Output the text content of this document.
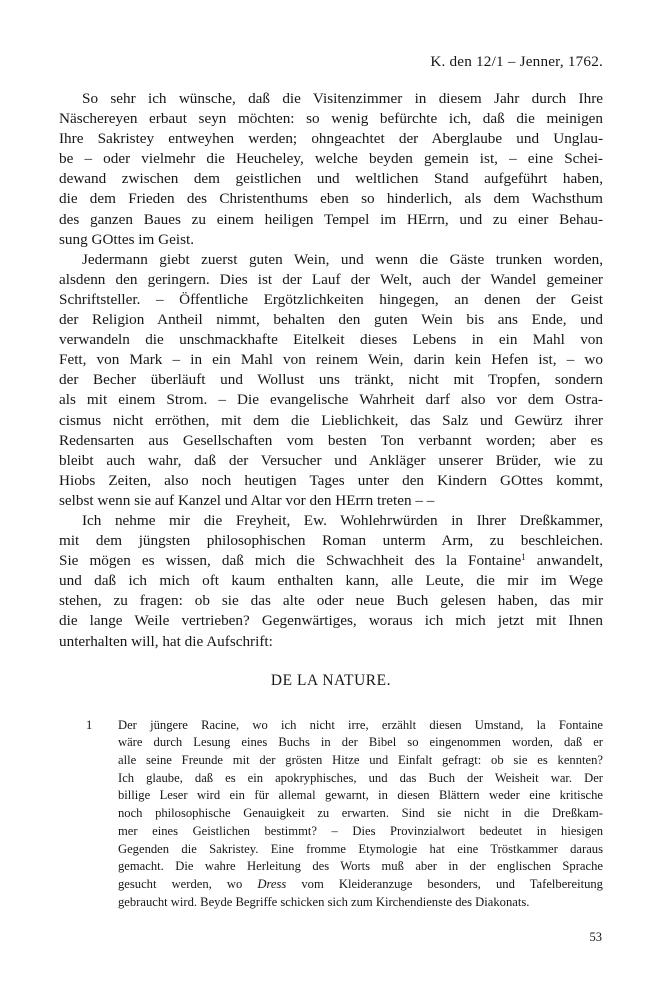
K. den 12/1 – Jenner, 1762.
So sehr ich wünsche, daß die Visitenzimmer in diesem Jahr durch Ihre
Näschereyen erbaut seyn möchten: so wenig befürchte ich, daß die meinigen
Ihre Sakristey entweyhen werden; ohngeachtet der Aberglaube und Unglau-
be – oder vielmehr die Heucheley, welche beyden gemein ist, – eine Schei-
dewand zwischen dem geistlichen und weltlichen Stand aufgeführt haben,
die dem Frieden des Christenthums eben so hinderlich, als dem Wachsthum
des ganzen Baues zu einem heiligen Tempel im HErrn, und zu einer Behau-
sung GOttes im Geist.
Jedermann giebt zuerst guten Wein, und wenn die Gäste trunken worden,
alsdenn den geringern. Dies ist der Lauf der Welt, auch der Wandel gemeiner
Schriftsteller. – Öffentliche Ergötzlichkeiten hingegen, an denen der Geist
der Religion Antheil nimmt, behalten den guten Wein bis ans Ende, und
verwandeln die unschmackhafte Eitelkeit dieses Lebens in ein Mahl von
Fett, von Mark – in ein Mahl von reinem Wein, darin kein Hefen ist, – wo
der Becher überläuft und Wollust uns tränkt, nicht mit Tropfen, sondern
als mit einem Strom. – Die evangelische Wahrheit darf also vor dem Ostra-
cismus nicht erröthen, mit dem die Lieblichkeit, das Salz und Gewürz ihrer
Redensarten aus Gesellschaften vom besten Ton verbannt worden; aber es
bleibt auch wahr, daß der Versucher und Ankläger unserer Brüder, wie zu
Hiobs Zeiten, also noch heutigen Tages unter den Kindern GOttes kommt,
selbst wenn sie auf Kanzel und Altar vor den HErrn treten – –
Ich nehme mir die Freyheit, Ew. Wohlehrwürden in Ihrer Dreßkammer,
mit dem jüngsten philosophischen Roman unterm Arm, zu beschleichen.
Sie mögen es wissen, daß mich die Schwachheit des la Fontaine$^1$ anwandelt,
und daß ich mich oft kaum enthalten kann, alle Leute, die mir im Wege
stehen, zu fragen: ob sie das alte oder neue Buch gelesen haben, das mir
die lange Weile vertrieben? Gegenwärtiges, woraus ich mich jetzt mit Ihnen
unterhalten will, hat die Aufschrift:
DE LA NATURE.
1 Der jüngere Racine, wo ich nicht irre, erzählt diesen Umstand, la Fontaine
wäre durch Lesung eines Buchs in der Bibel so eingenommen worden, daß er
alle seine Freunde mit der grösten Hitze und Einfalt gefragt: ob sie es kennten?
Ich glaube, daß es ein apokryphisches, und das Buch der Weisheit war. Der
billige Leser wird ein für allemal gewarnt, in diesen Blättern weder eine kritische
noch philosophische Genauigkeit zu erwarten. Sind sie nicht in die Dreßkam-
mer eines Geistlichen bestimmt? – Dies Provinzialwort bedeutet in hiesigen
Gegenden die Sakristey. Eine fromme Etymologie hat eine Tröstkammer daraus
gemacht. Die wahre Herleitung des Worts muß aber in der englischen Sprache
gesucht werden, wo Dress vom Kleideranzuge besonders, und Tafelbereitung
gebraucht wird. Beyde Begriffe schicken sich zum Kirchendienste des Diakonats.
53
